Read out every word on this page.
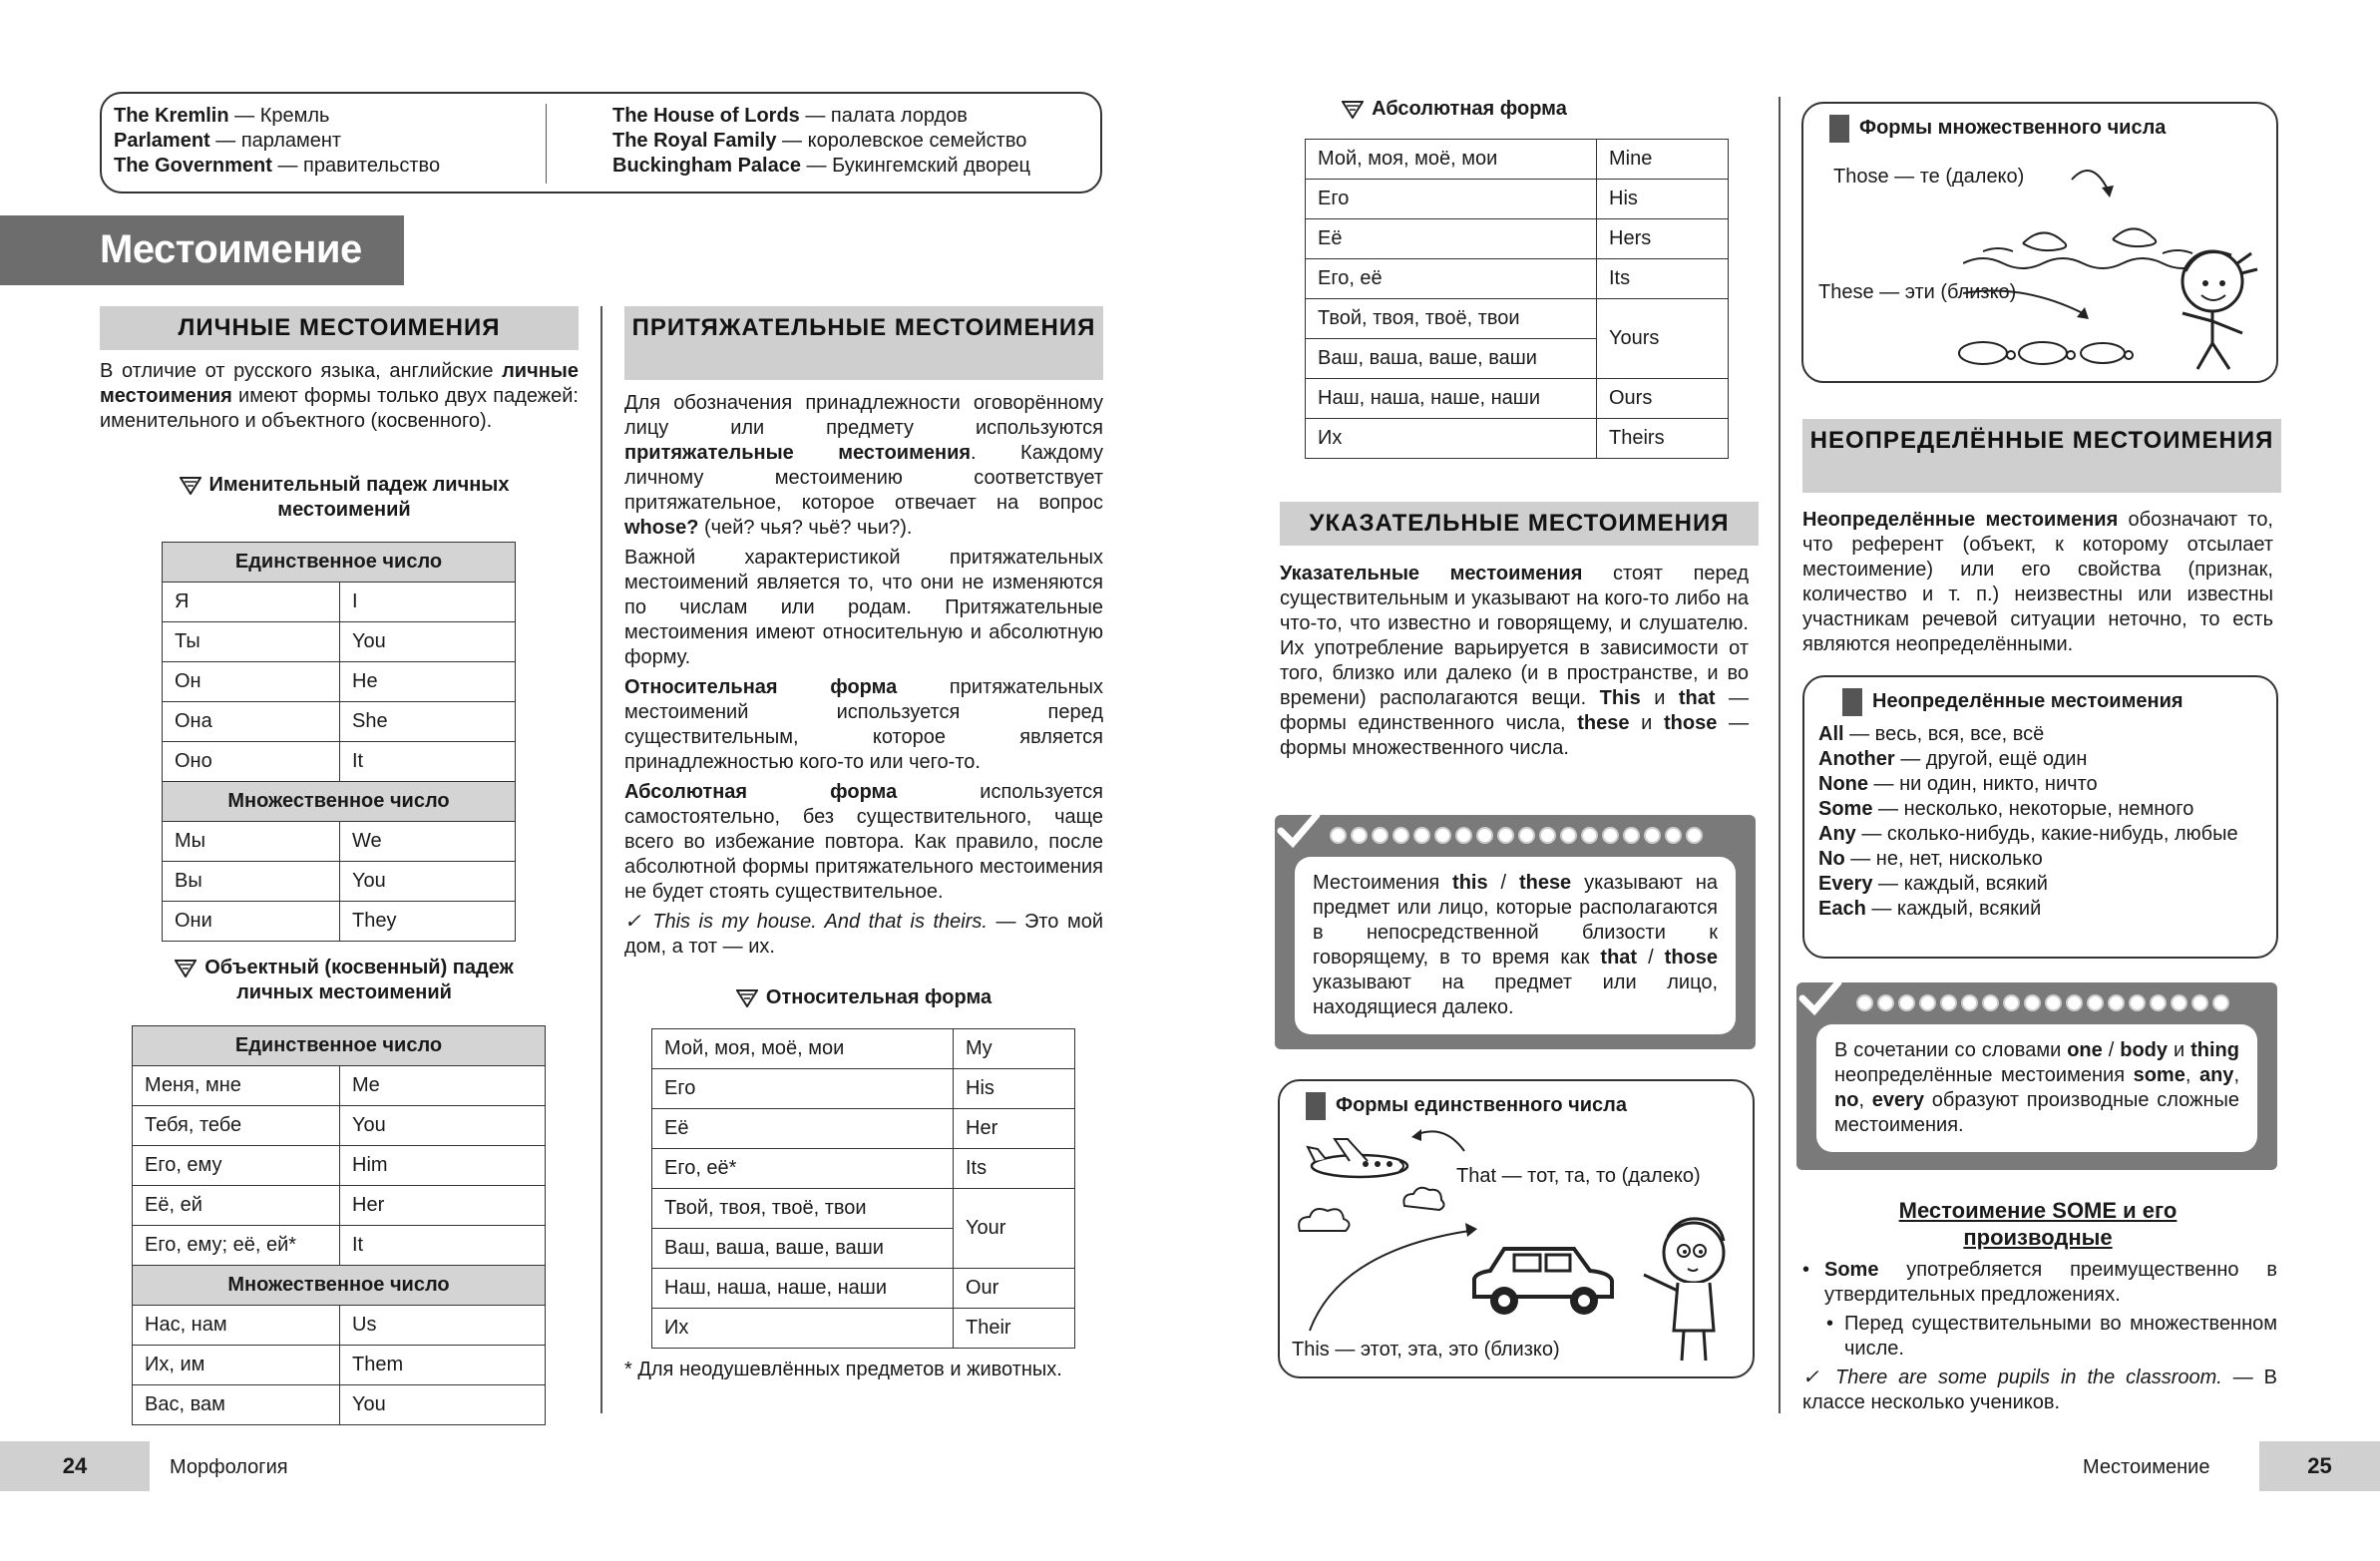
The Kremlin — Кремль
Parlament — парламент
The Government — правительство
The House of Lords — палата лордов
The Royal Family — королевское семейство
Buckingham Palace — Букингемский дворец
Местоимение
ЛИЧНЫЕ МЕСТОИМЕНИЯ
В отличие от русского языка, английские личные местоимения имеют формы только двух падежей: именительного и объектного (косвенного).
Именительный падеж личных местоимений
Единственное число	
Я	I
Ты	You
Он	He
Она	She
Оно	It
Множественное число	
Мы	We
Вы	You
Они	They
Объектный (косвенный) падеж личных местоимений
Единственное число	
Меня, мне	Me
Тебя, тебе	You
Его, ему	Him
Её, ей	Her
Его, ему; её, ей*	It
Множественное число	
Нас, нам	Us
Их, им	Them
Вас, вам	You
ПРИТЯЖАТЕЛЬНЫЕ МЕСТОИМЕНИЯ

Для обозначения принадлежности оговорённому лицу или предмету используются притяжательные местоимения. Каждому личному местоимению соответствует притяжательное, которое отвечает на вопрос whose? (чей? чья? чьё? чьи?).

Важной характеристикой притяжательных местоимений является то, что они не изменяются по числам или родам. Притяжательные местоимения имеют относительную и абсолютную форму.

Относительная форма притяжательных местоимений используется перед существительным, которое является принадлежностью кого-то или чего-то.

Абсолютная форма используется самостоятельно, без существительного, чаще всего во избежание повтора. Как правило, после абсолютной формы притяжательного местоимения не будет стоять существительное.

✓ This is my house. And that is theirs. — Это мой дом, а тот — их.

Относительная форма
Мой, моя, моё, мои	My
Его	His
Её	Her
Его, её*	Its
Твой, твоя, твоё, твои	Your
Ваш, ваша, ваше, ваши	
Наш, наша, наше, наши	Our
Их	Their
* Для неодушевлённых предметов и животных.
24	Морфология
Абсолютная форма
Мой, моя, моё, мои	Mine
Его	His
Её	Hers
Его, её	Its
Твой, твоя, твоё, твои	Yours
Ваш, ваша, ваше, ваши	
Наш, наша, наше, наши	Ours
Их	Theirs
УКАЗАТЕЛЬНЫЕ МЕСТОИМЕНИЯ
Указательные местоимения стоят перед существительным и указывают на кого-то либо на что-то, что известно и говорящему, и слушателю. Их употребление варьируется в зависимости от того, близко или далеко (и в пространстве, и во времени) располагаются вещи. This и that — формы единственного числа, these и those — формы множественного числа.
Местоимения this / these указывают на предмет или лицо, которые располагаются в непосредственной близости к говорящему, в то время как that / those указывают на предмет или лицо, находящиеся далеко.
Формы единственного числа
That — тот, та, то (далеко)
This — этот, эта, это (близко)
Формы множественного числа
Those — те (далеко)
These — эти (близко)
НЕОПРЕДЕЛЁННЫЕ МЕСТОИМЕНИЯ
Неопределённые местоимения обозначают то, что референт (объект, к которому отсылает местоимение) или его свойства (признак, количество и т. п.) неизвестны или известны участникам речевой ситуации неточно, то есть являются неопределёнными.
Неопределённые местоимения
All — весь, вся, все, всё
Another — другой, ещё один
None — ни один, никто, ничто
Some — несколько, некоторые, немного
Any — сколько-нибудь, какие-нибудь, любые
No — не, нет, нисколько
Every — каждый, всякий
Each — каждый, всякий
В сочетании со словами one / body и thing неопределённые местоимения some, any, no, every образуют производные сложные местоимения.
Местоимение SOME и его производные
• Some употребляется преимущественно в утвердительных предложениях.
• Перед существительными во множественном числе.
✓ There are some pupils in the classroom. — В классе несколько учеников.
Местоимение	25
